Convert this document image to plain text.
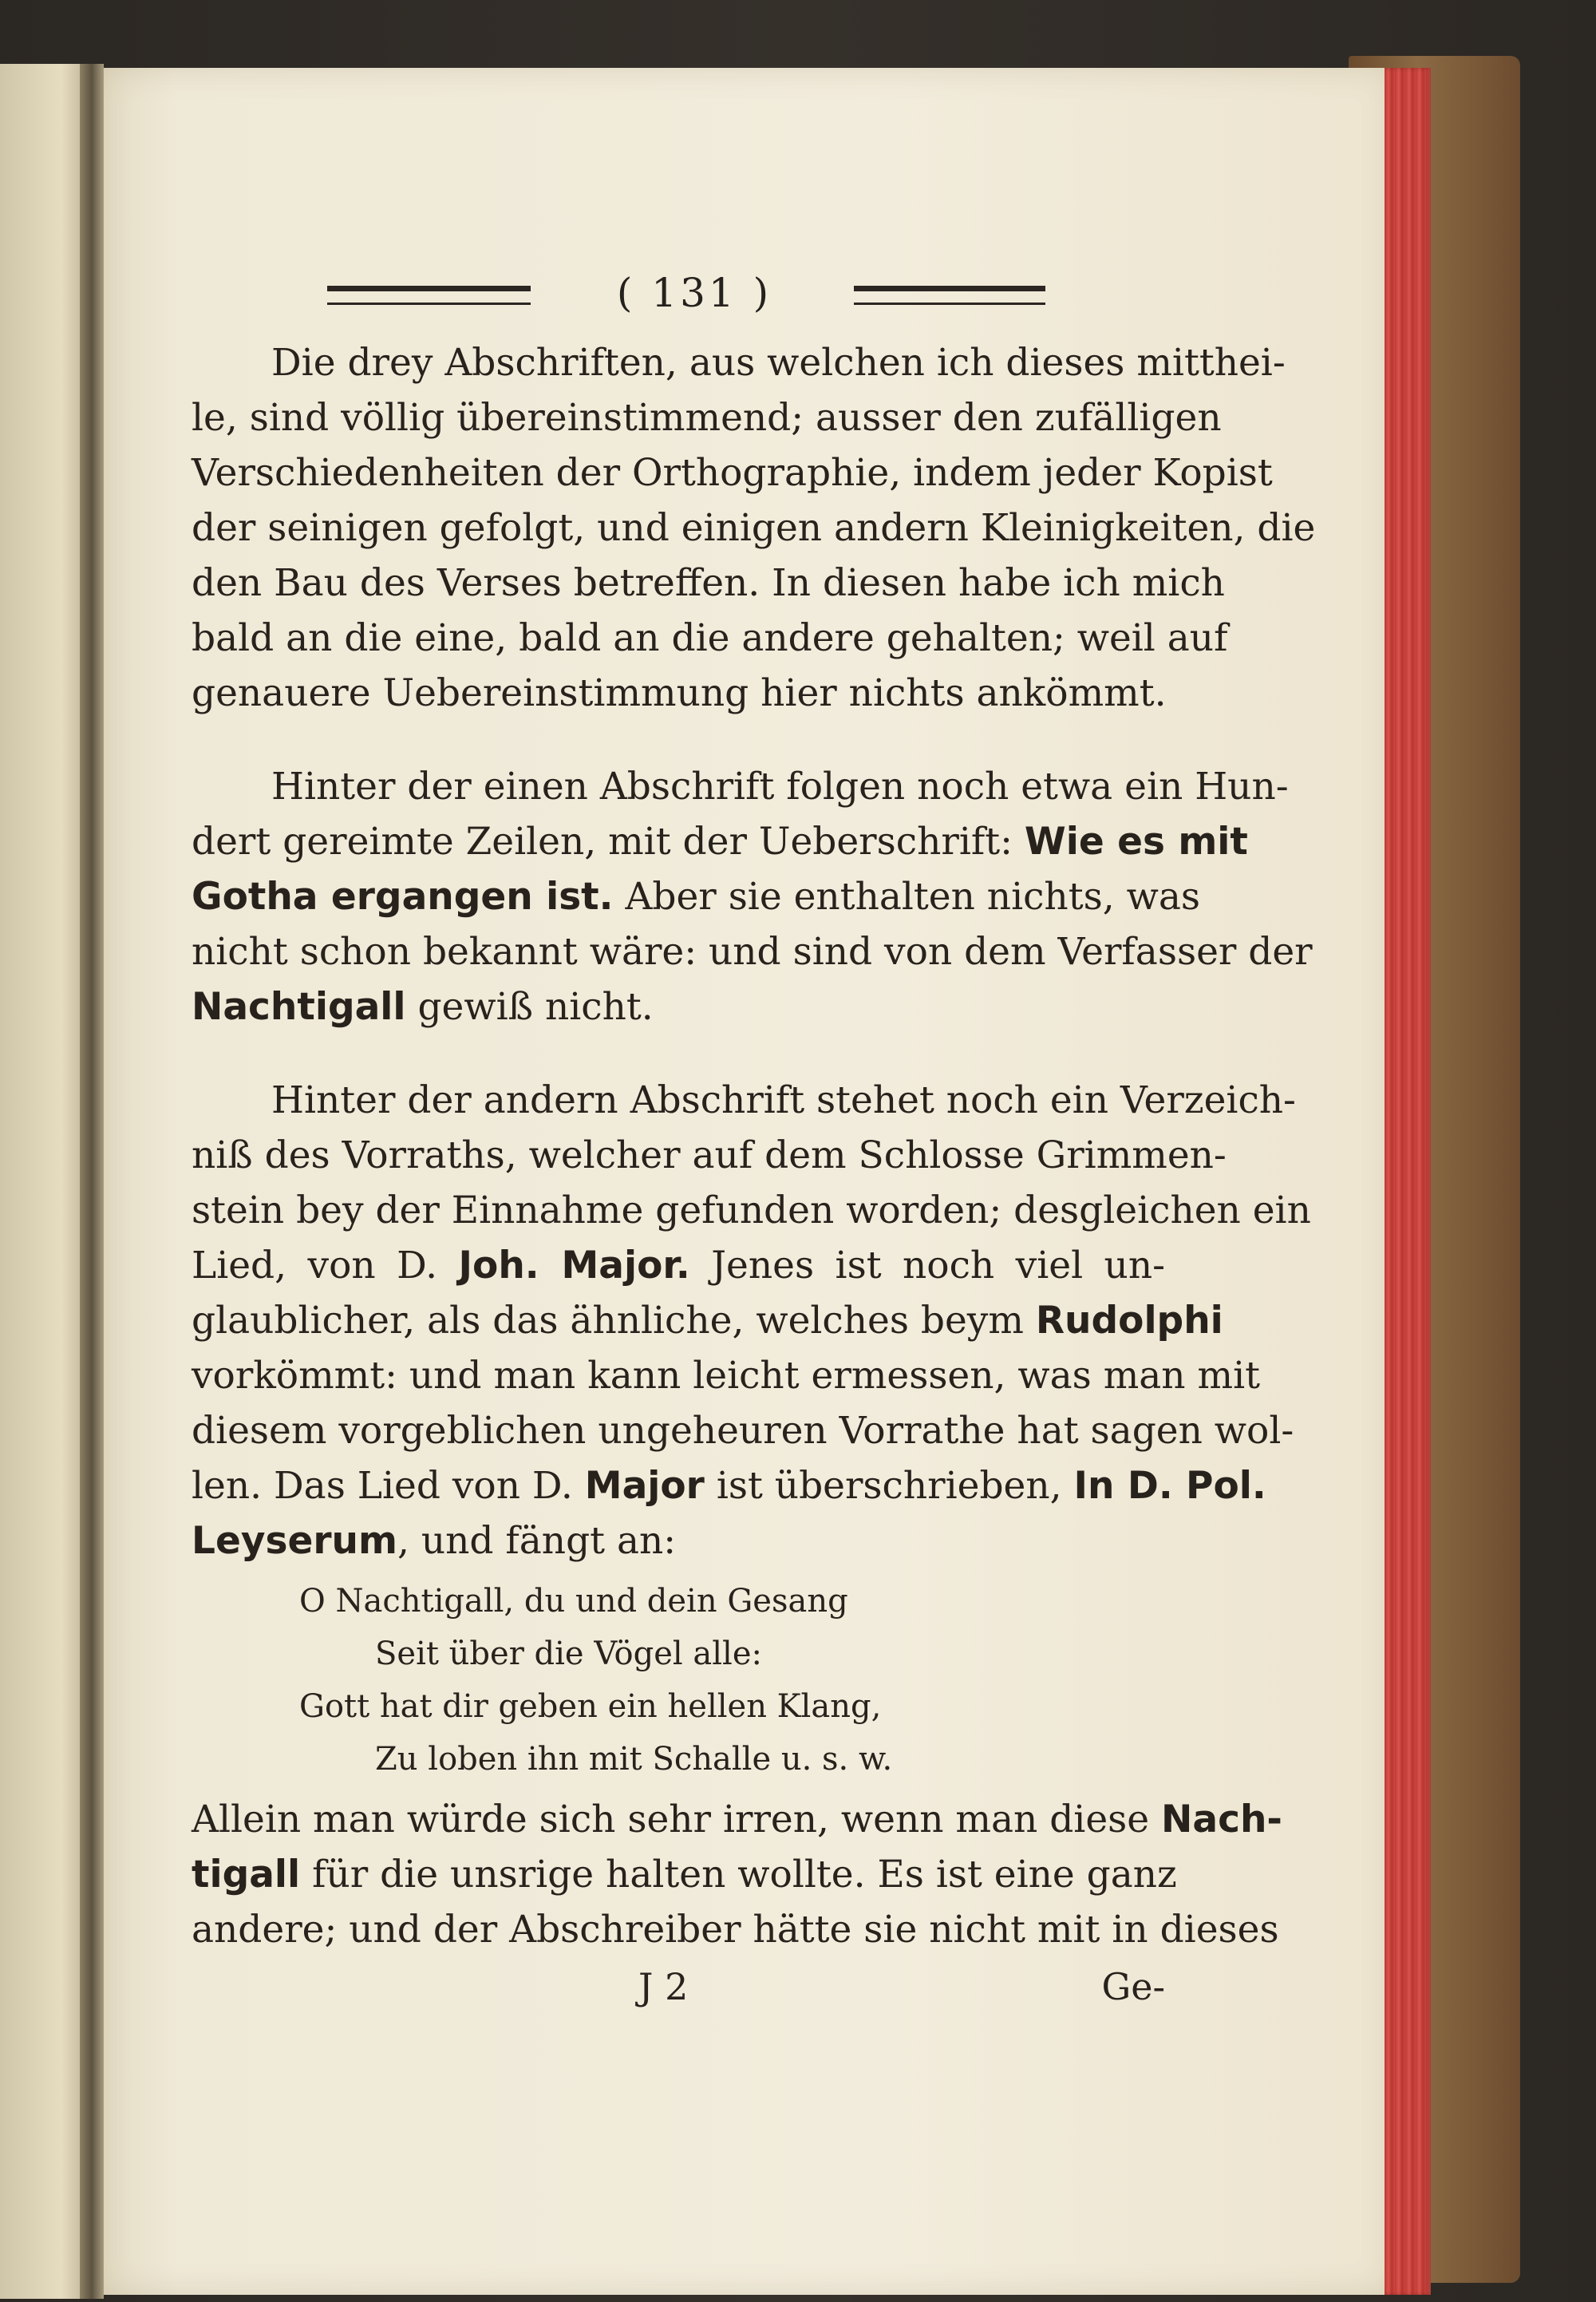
( 131 )
Die drey Abschriften, aus welchen ich dieses mitthei-
le, sind völlig übereinstimmend; ausser den zufälligen
Verschiedenheiten der Orthographie, indem jeder Kopist
der seinigen gefolgt, und einigen andern Kleinigkeiten, die
den Bau des Verses betreffen. In diesen habe ich mich
bald an die eine, bald an die andere gehalten; weil auf
genauere Uebereinstimmung hier nichts ankömmt.
Hinter der einen Abschrift folgen noch etwa ein Hun-
dert gereimte Zeilen, mit der Ueberschrift: Wie es mit
Gotha ergangen ist. Aber sie enthalten nichts, was
nicht schon bekannt wäre: und sind von dem Verfasser der
Nachtigall gewiß nicht.
Hinter der andern Abschrift stehet noch ein Verzeich-
niß des Vorraths, welcher auf dem Schlosse Grimmen-
stein bey der Einnahme gefunden worden; desgleichen ein
Lied, von D. Joh. Major. Jenes ist noch viel un-
glaublicher, als das ähnliche, welches beym Rudolphi
vorkömmt: und man kann leicht ermessen, was man mit
diesem vorgeblichen ungeheuren Vorrathe hat sagen wol-
len. Das Lied von D. Major ist überschrieben, In D. Pol.
Leyserum, und fängt an:
O Nachtigall, du und dein Gesang
Seit über die Vögel alle:
Gott hat dir geben ein hellen Klang,
Zu loben ihn mit Schalle u. s. w.
Allein man würde sich sehr irren, wenn man diese Nach-
tigall für die unsrige halten wollte. Es ist eine ganz
andere; und der Abschreiber hätte sie nicht mit in dieses
J 2	Ge-
